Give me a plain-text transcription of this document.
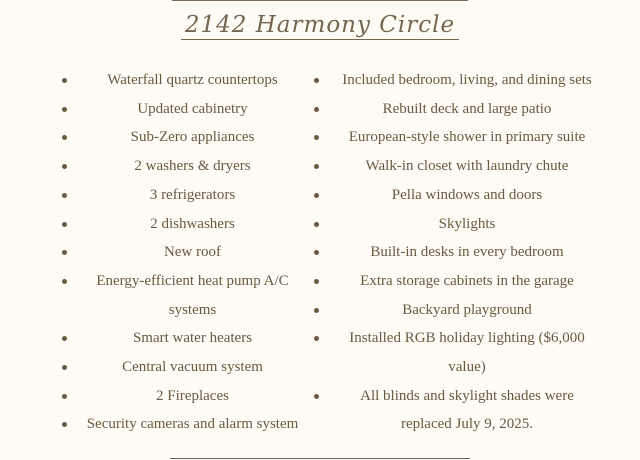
2142 Harmony Circle
Waterfall quartz countertops
Updated cabinetry
Sub-Zero appliances
2 washers & dryers
3 refrigerators
2 dishwashers
New roof
Energy-efficient heat pump A/C systems
Smart water heaters
Central vacuum system
2 Fireplaces
Security cameras and alarm system
Included bedroom, living, and dining sets
Rebuilt deck and large patio
European-style shower in primary suite
Walk-in closet with laundry chute
Pella windows and doors
Skylights
Built-in desks in every bedroom
Extra storage cabinets in the garage
Backyard playground
Installed RGB holiday lighting ($6,000 value)
All blinds and skylight shades were replaced July 9, 2025.
